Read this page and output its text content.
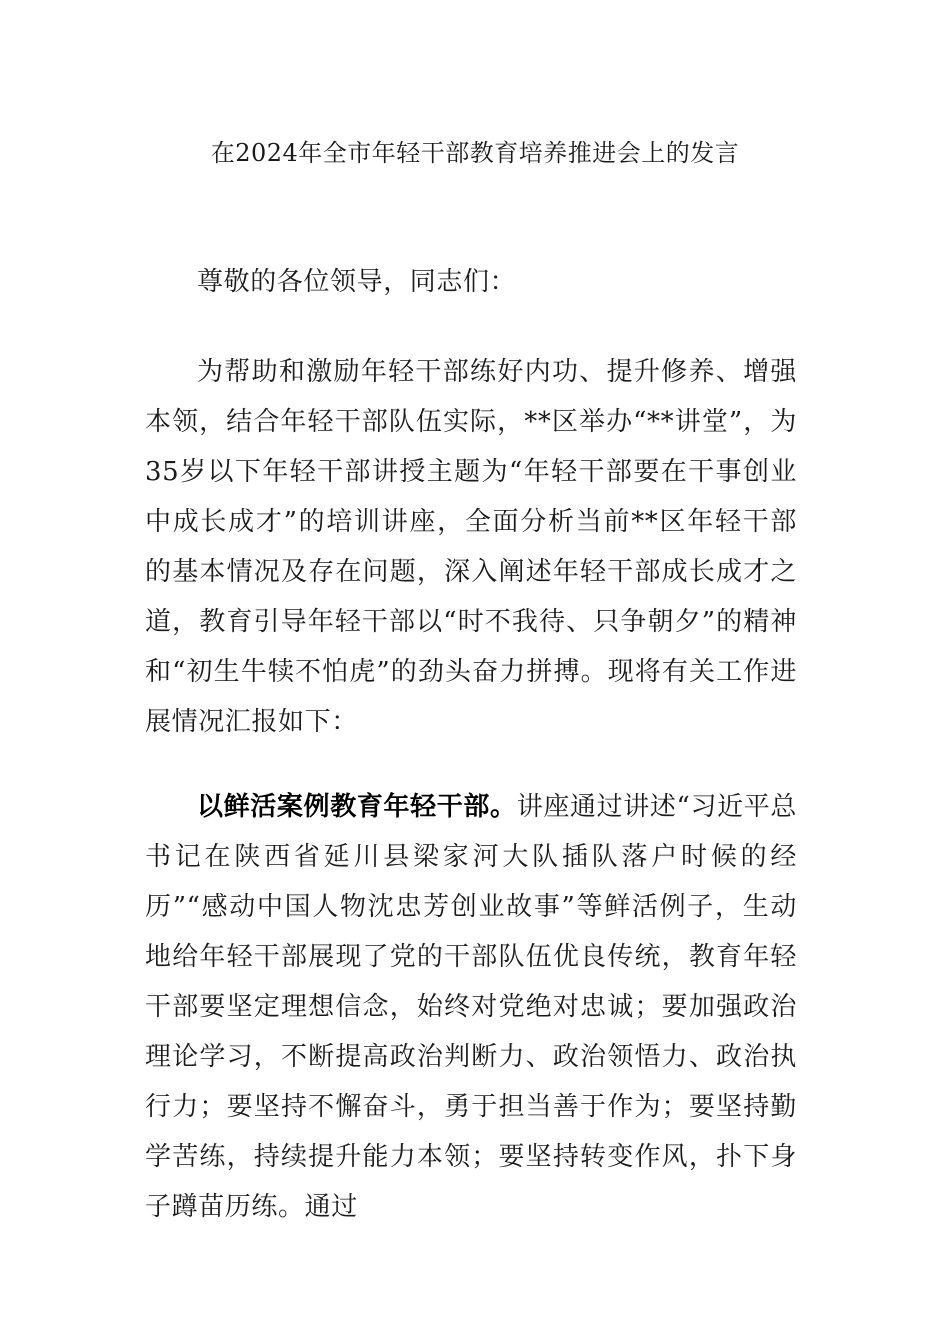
在2024年全市年轻干部教育培养推进会上的发言
尊敬的各位领导，同志们：
为帮助和激励年轻干部练好内功、提升修养、增强本领，结合年轻干部队伍实际，**区举办“**讲堂”，为35岁以下年轻干部讲授主题为“年轻干部要在干事创业中成长成才”的培训讲座，全面分析当前**区年轻干部的基本情况及存在问题，深入阐述年轻干部成长成才之道，教育引导年轻干部以“时不我待、只争朝夕”的精神和“初生牛犊不怕虎”的劲头奋力拼搏。现将有关工作进展情况汇报如下：
以鲜活案例教育年轻干部。讲座通过讲述“习近平总书记在陕西省延川县梁家河大队插队落户时候的经历”“感动中国人物沈忠芳创业故事”等鲜活例子，生动地给年轻干部展现了党的干部队伍优良传统，教育年轻干部要坚定理想信念，始终对党绝对忠诚；要加强政治理论学习，不断提高政治判断力、政治领悟力、政治执行力；要坚持不懈奋斗，勇于担当善于作为；要坚持勤学苦练，持续提升能力本领；要坚持转变作风，扑下身子蹲苗历练。通过
